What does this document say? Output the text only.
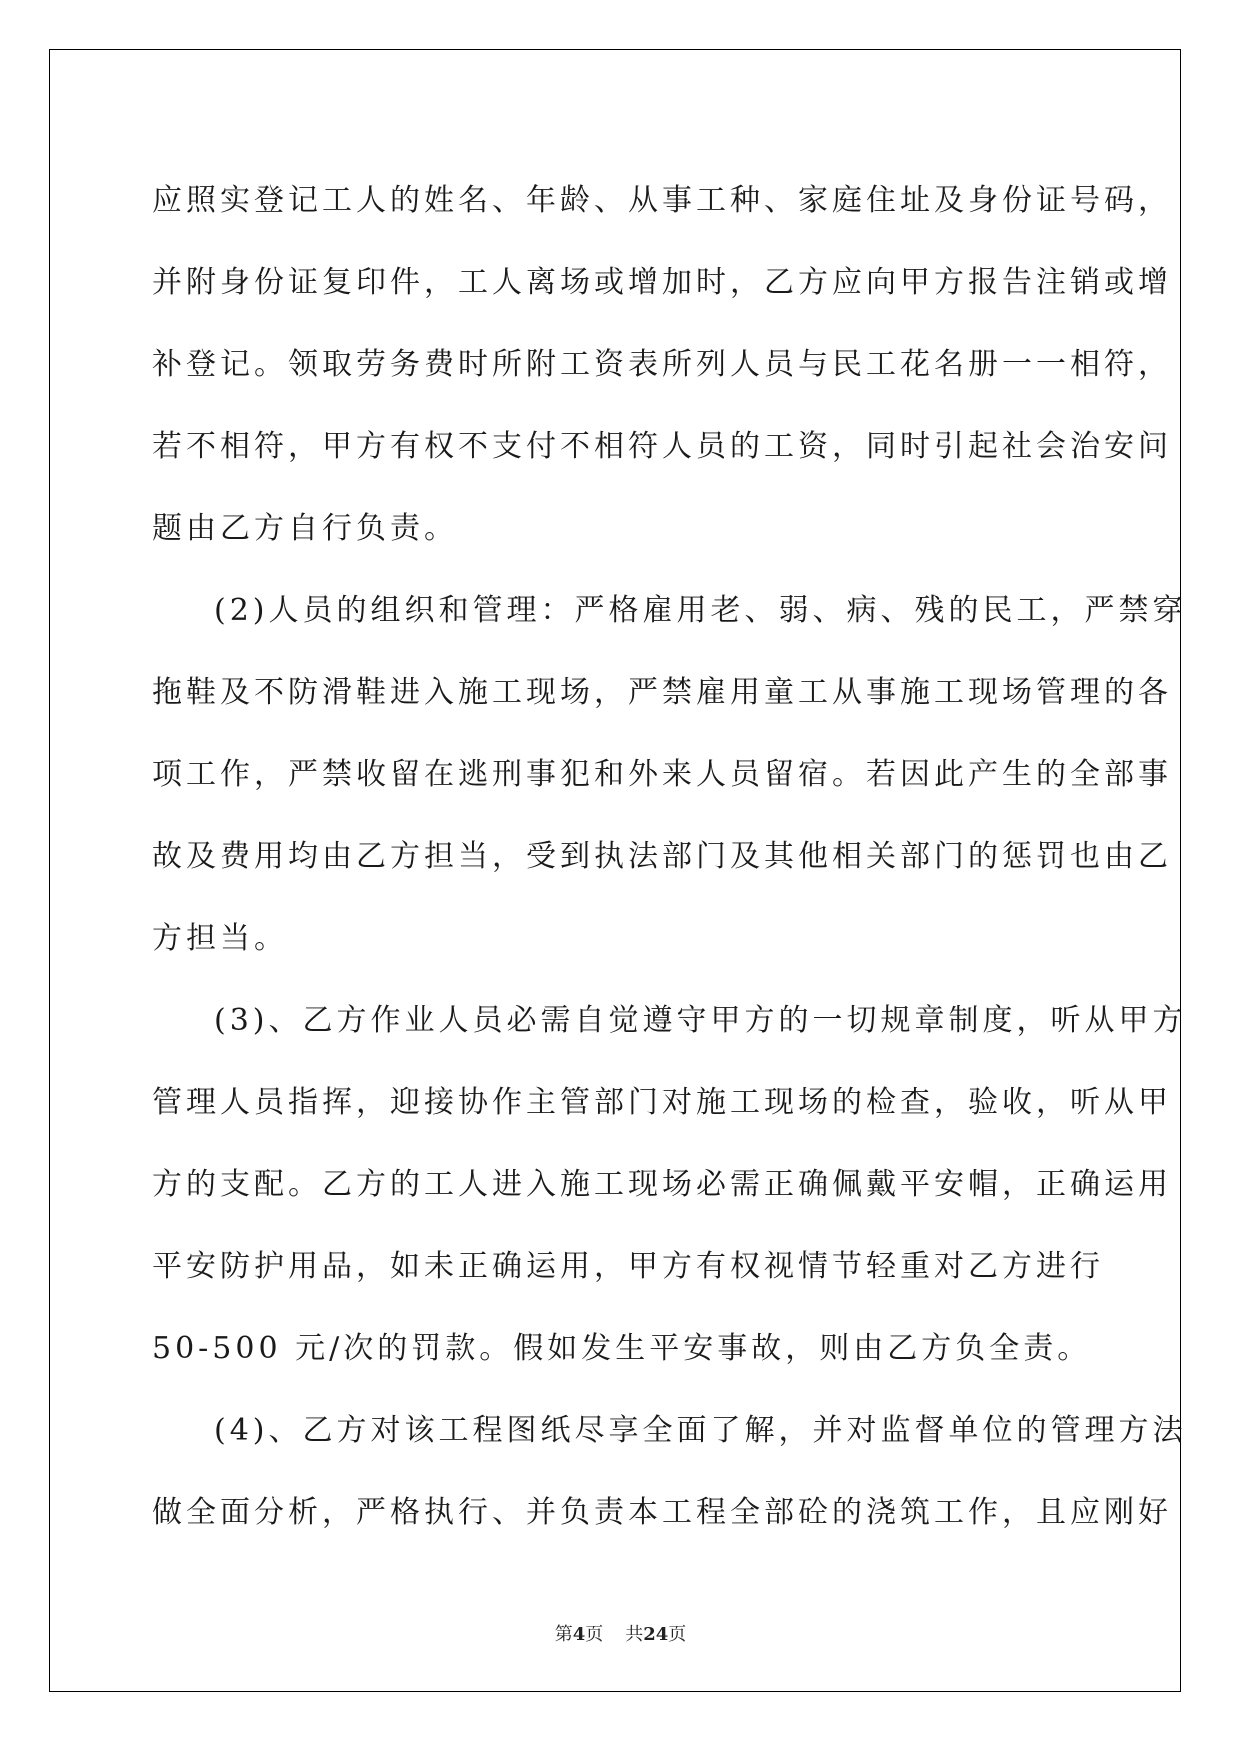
应照实登记工人的姓名、年龄、从事工种、家庭住址及身份证号码，
并附身份证复印件，工人离场或增加时，乙方应向甲方报告注销或增
补登记。领取劳务费时所附工资表所列人员与民工花名册一一相符，
若不相符，甲方有权不支付不相符人员的工资，同时引起社会治安问
题由乙方自行负责。
(2)人员的组织和管理：严格雇用老、弱、病、残的民工，严禁穿
拖鞋及不防滑鞋进入施工现场，严禁雇用童工从事施工现场管理的各
项工作，严禁收留在逃刑事犯和外来人员留宿。若因此产生的全部事
故及费用均由乙方担当，受到执法部门及其他相关部门的惩罚也由乙
方担当。
(3)、乙方作业人员必需自觉遵守甲方的一切规章制度，听从甲方
管理人员指挥，迎接协作主管部门对施工现场的检查，验收，听从甲
方的支配。乙方的工人进入施工现场必需正确佩戴平安帽，正确运用
平安防护用品，如未正确运用，甲方有权视情节轻重对乙方进行
50-500 元/次的罚款。假如发生平安事故，则由乙方负全责。
(4)、乙方对该工程图纸尽享全面了解，并对监督单位的管理方法
做全面分析，严格执行、并负责本工程全部砼的浇筑工作，且应刚好
第4页 共24页
